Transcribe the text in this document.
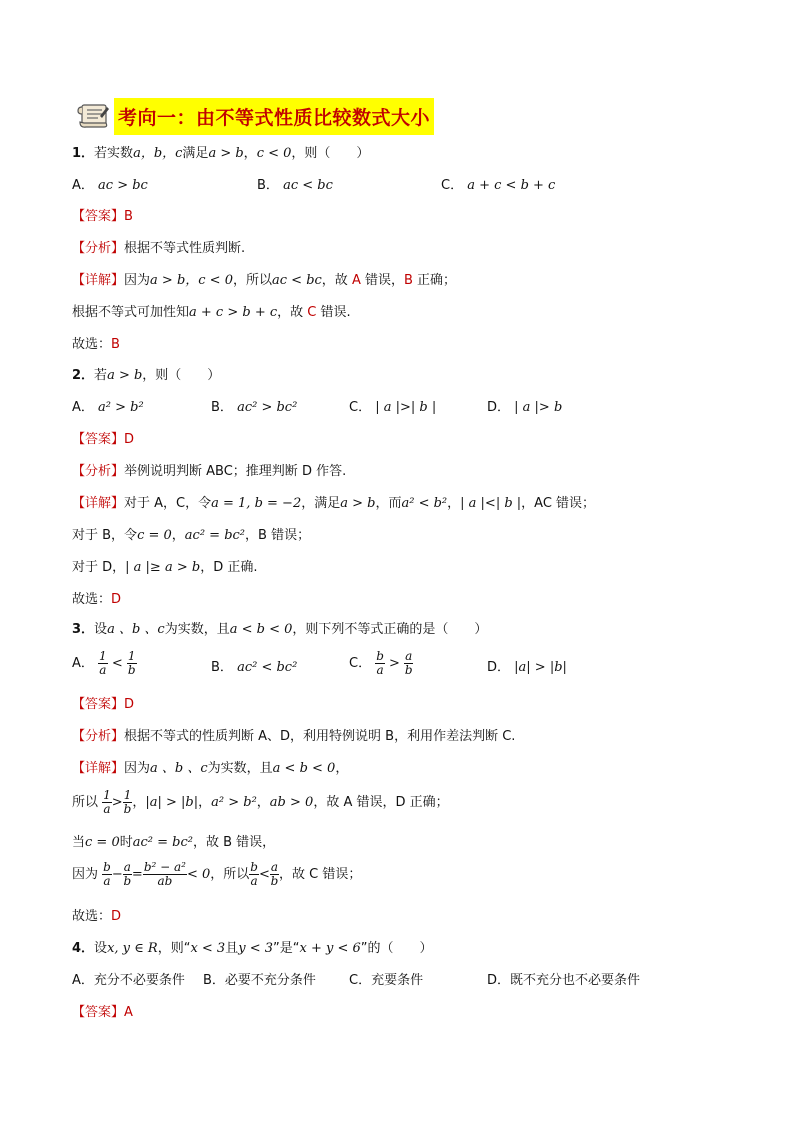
考向一：由不等式性质比较数式大小
1．若实数a，b，c满足a > b，c < 0，则（　　）
A． ac > bc	B． ac < bc	C． a + c < b + c
【答案】B
【分析】根据不等式性质判断.
【详解】因为a > b，c < 0，所以ac < bc，故 A 错误，B 正确；
根据不等式可加性知a + c > b + c，故 C 错误.
故选：B
2．若a > b，则（　　）
A． a² > b²	B． ac² > bc²	C． | a |>| b |	D． | a |> b
【答案】D
【分析】举例说明判断 ABC；推理判断 D 作答.
【详解】对于 A，C，令a = 1, b = −2，满足a > b，而a² < b²，| a |<| b |，AC 错误；
对于 B，令c = 0，ac² = bc²，B 错误；
对于 D，| a |≥ a > b，D 正确.
故选：D
3．设a 、b 、c为实数，且a < b < 0，则下列不等式正确的是（　　）
A． $\frac{1}{a} < \frac{1}{b}$	B． ac² < bc²	C． $\frac{b}{a} > \frac{a}{b}$	D． |a| > |b|
【答案】D
【分析】根据不等式的性质判断 A、D，利用特例说明 B，利用作差法判断 C.
【详解】因为a 、b 、c为实数，且a < b < 0，
所以 $\frac{1}{a} > \frac{1}{b}$ ，|a| > |b|，a² > b²，ab > 0，故 A 错误，D 正确；
当c = 0时ac² = bc²，故 B 错误，
因为 $\frac{b}{a} - \frac{a}{b} = \frac{\text{b² − a²}}{ab} < 0$，所以 $\frac{b}{a} < \frac{a}{b}$ ，故 C 错误；
故选：D
4．设x, y ∈ R，则“x < 3且y < 3”是“x + y < 6”的（　　）
A．充分不必要条件 B．必要不充分条件	C．充要条件	D．既不充分也不必要条件
【答案】A
